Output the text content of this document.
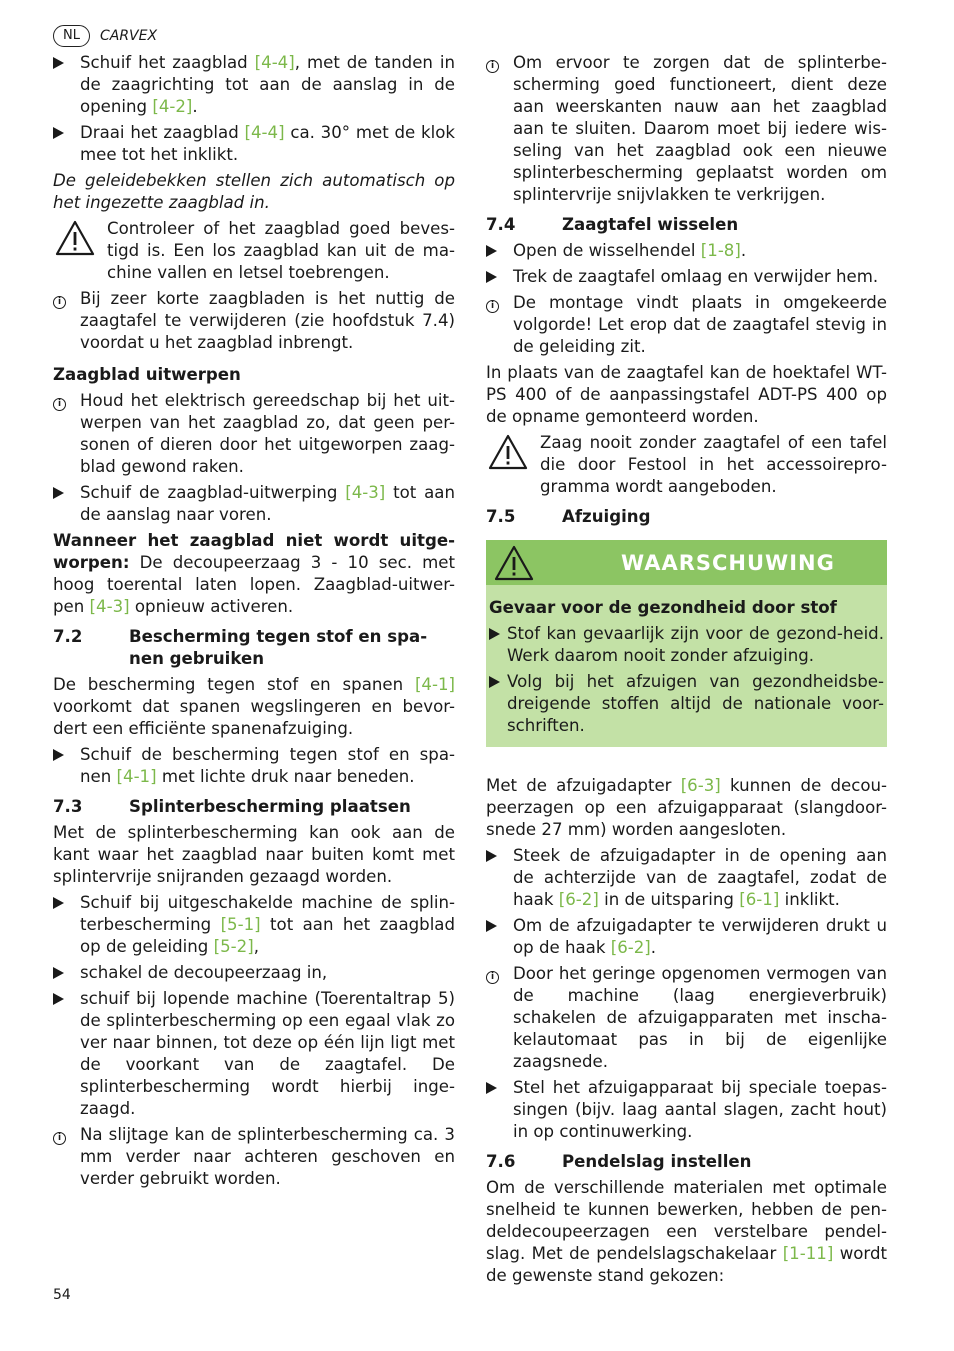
NL	CARVEX
Schuif het zaagblad [4-4], met de tanden in de zaagrichting tot aan de aanslag in de opening [4-2].
Draai het zaagblad [4-4] ca. 30° met de klok mee tot het inklikt.

De geleidebekken stellen zich automatisch op het ingezette zaagblad in.

Controleer of het zaagblad goed beves-tigd is. Een los zaagblad kan uit de ma-chine vallen en letsel toebrengen.
i	Bij zeer korte zaagbladen is het nuttig de zaagtafel te verwijderen (zie hoofdstuk 7.4) voordat u het zaagblad inbrengt.
Zaagblad uitwerpen
i	Houd het elektrisch gereedschap bij het uit-werpen van het zaagblad zo, dat geen per-sonen of dieren door het uitgeworpen zaag-blad gewond raken.
Schuif de zaagblad-uitwerping [4-3] tot aan de aanslag naar voren.

Wanneer het zaagblad niet wordt uitge-worpen: De decoupeerzaag 3 - 10 sec. met hoog toerental laten lopen. Zaagblad-uitwer-pen [4-3] opnieuw activeren.

7.2	Bescherming tegen stof en spa-nen gebruiken

De bescherming tegen stof en spanen [4-1] voorkomt dat spanen wegslingeren en bevor-dert een efficiënte spanenafzuiging.

Schuif de bescherming tegen stof en spa-nen [4-1] met lichte druk naar beneden.
7.3	Splinterbescherming plaatsen

Met de splinterbescherming kan ook aan de kant waar het zaagblad naar buiten komt met splintervrije snijranden gezaagd worden.

Schuif bij uitgeschakelde machine de splin-terbescherming [5-1] tot aan het zaagblad op de geleiding [5-2],
schakel de decoupeerzaag in,
schuif bij lopende machine (Toerentaltrap 5) de splinterbescherming op een egaal vlak zo ver naar binnen, tot deze op één lijn ligt met de voorkant van de zaagtafel. De splinterbescherming wordt hierbij inge-zaagd.
i	Na slijtage kan de splinterbescherming ca. 3 mm verder naar achteren geschoven en verder gebruikt worden.
i	Om ervoor te zorgen dat de splinterbe-scherming goed functioneert, dient deze aan weerskanten nauw aan het zaagblad aan te sluiten. Daarom moet bij iedere wis-seling van het zaagblad ook een nieuwe splinterbescherming geplaatst worden om splintervrije snijvlakken te verkrijgen.
7.4	Zaagtafel wisselen
Open de wisselhendel [1-8].
Trek de zaagtafel omlaag en verwijder hem.
i	De montage vindt plaats in omgekeerde volgorde! Let erop dat de zaagtafel stevig in de geleiding zit.

In plaats van de zaagtafel kan de hoektafel WT-PS 400 of de aanpassingstafel ADT-PS 400 op de opname gemonteerd worden.

Zaag nooit zonder zaagtafel of een tafel die door Festool in het accessoirepro-gramma wordt aangeboden.
7.5	Afzuiging
WAARSCHUWING
Gevaar voor de gezondheid door stof
Stof kan gevaarlijk zijn voor de gezond-heid. Werk daarom nooit zonder afzuiging.
Volg bij het afzuigen van gezondheidsbe-dreigende stoffen altijd de nationale voor-schriften.

Met de afzuigadapter [6-3] kunnen de decou-peerzagen op een afzuigapparaat (slangdoor-snede 27 mm) worden aangesloten.

Steek de afzuigadapter in de opening aan de achterzijde van de zaagtafel, zodat de haak [6-2] in de uitsparing [6-1] inklikt.
Om de afzuigadapter te verwijderen drukt u op de haak [6-2].
i	Door het geringe opgenomen vermogen van de machine (laag energieverbruik) schakelen de afzuigapparaten met inscha-kelautomaat pas in bij de eigenlijke zaagsnede.
Stel het afzuigapparaat bij speciale toepas-singen (bijv. laag aantal slagen, zacht hout) in op continuwerking.
7.6	Pendelslag instellen

Om de verschillende materialen met optimale snelheid te kunnen bewerken, hebben de pen-deldecoupeerzagen een verstelbare pendel-slag. Met de pendelslagschakelaar [1-11] wordt de gewenste stand gekozen:

54
